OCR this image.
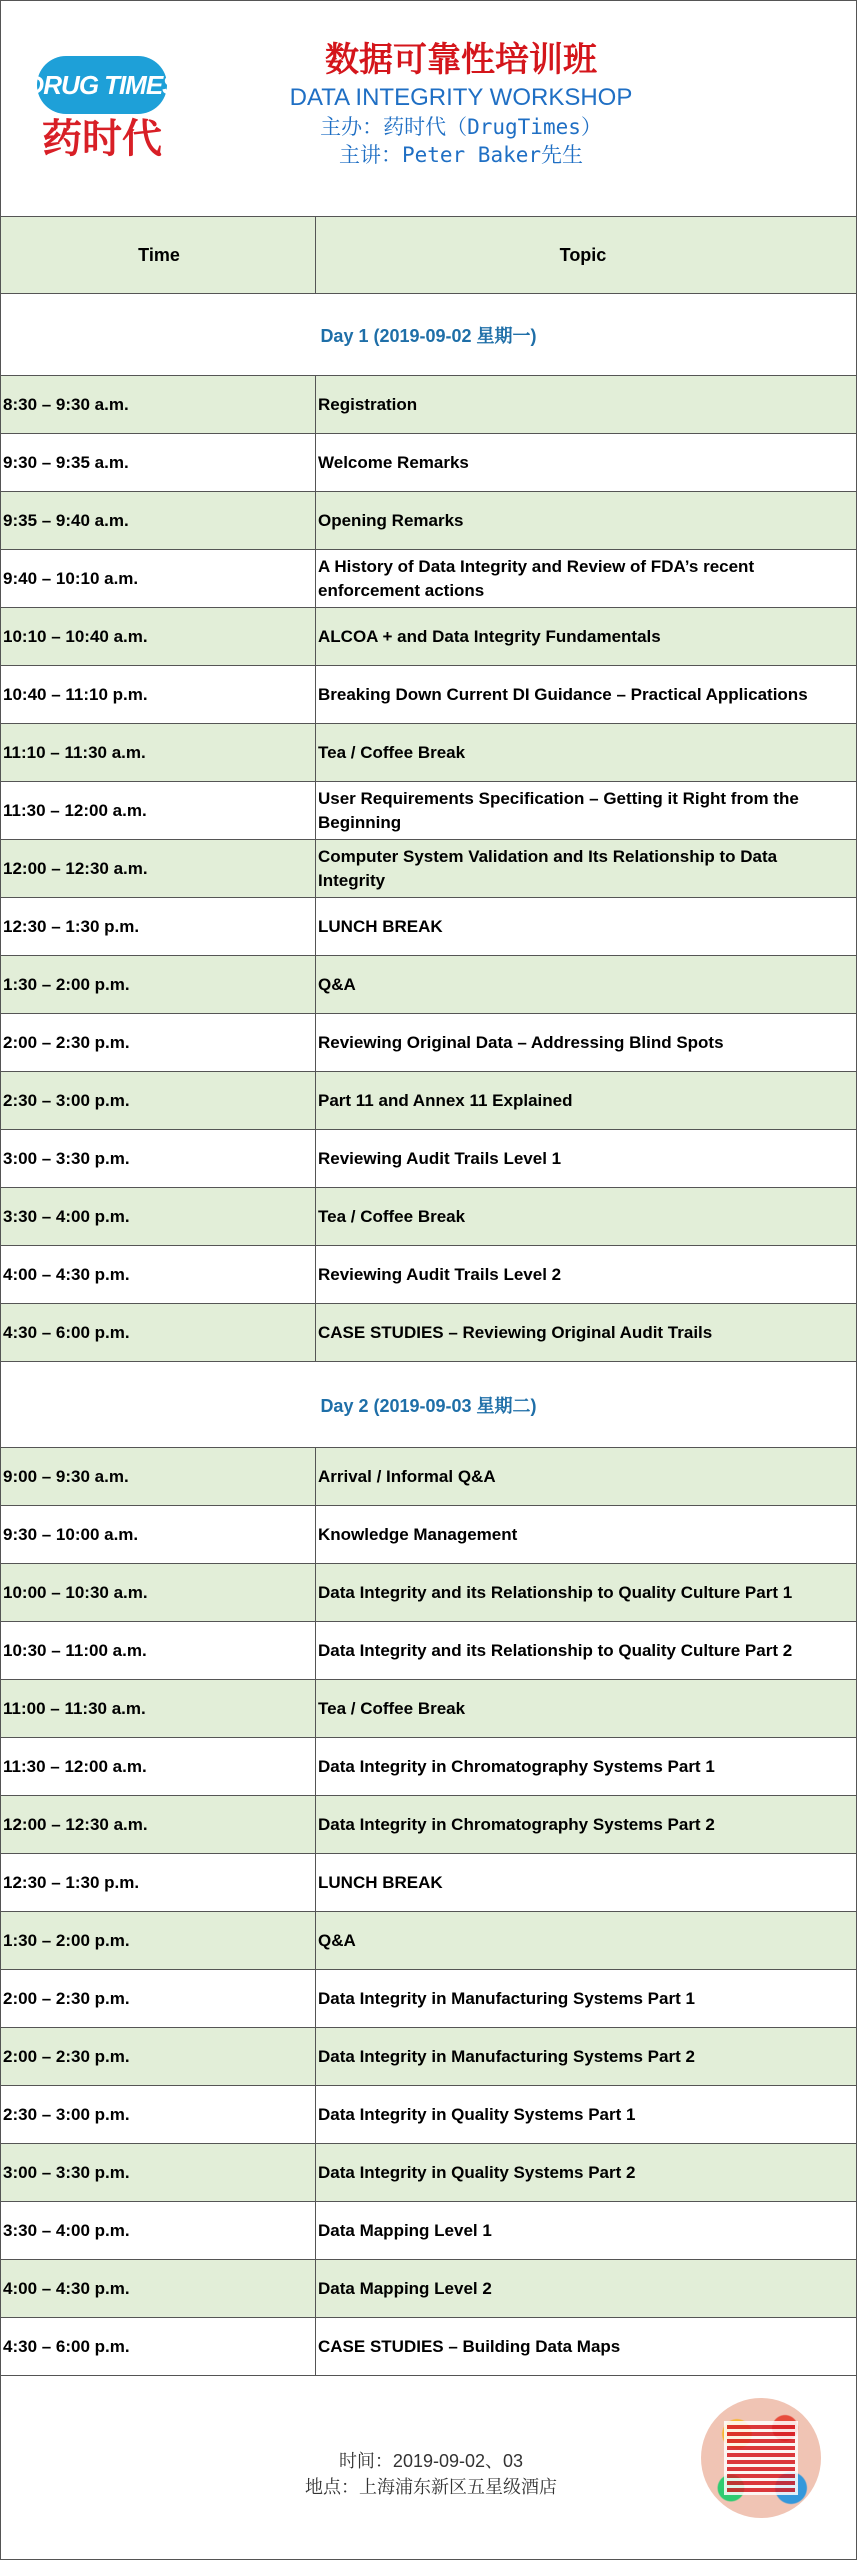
DRUG TIMES
药时代
数据可靠性培训班
DATA INTEGRITY WORKSHOP
主办：药时代（DrugTimes）
主讲：Peter Baker先生
Time	Topic
Day 1 (2019-09-02 星期一)
8:30 – 9:30 a.m.	Registration
9:30 – 9:35 a.m.	Welcome Remarks
9:35 – 9:40 a.m.	Opening Remarks
9:40 – 10:10 a.m.
A History of Data Integrity and Review of FDA’s recent enforcement actions
10:10 – 10:40 a.m.	ALCOA + and Data Integrity Fundamentals
10:40 – 11:10 p.m.	Breaking Down Current DI Guidance – Practical Applications
11:10 – 11:30 a.m.	Tea / Coffee Break
11:30 – 12:00 a.m.
User Requirements Specification – Getting it Right from the Beginning
12:00 – 12:30 a.m.
Computer System Validation and Its Relationship to Data Integrity
12:30 – 1:30 p.m.	LUNCH BREAK
1:30 – 2:00 p.m.	Q&A
2:00 – 2:30 p.m.	Reviewing Original Data – Addressing Blind Spots
2:30 – 3:00 p.m.	Part 11 and Annex 11 Explained
3:00 – 3:30 p.m.	Reviewing Audit Trails Level 1
3:30 – 4:00 p.m.	Tea / Coffee Break
4:00 – 4:30 p.m.	Reviewing Audit Trails Level 2
4:30 – 6:00 p.m.	CASE STUDIES – Reviewing Original Audit Trails
Day 2 (2019-09-03 星期二)
9:00 – 9:30 a.m.	Arrival / Informal Q&A
9:30 – 10:00 a.m.	Knowledge Management
10:00 – 10:30 a.m.	Data Integrity and its Relationship to Quality Culture Part 1
10:30 – 11:00 a.m.	Data Integrity and its Relationship to Quality Culture Part 2
11:00 – 11:30 a.m.	Tea / Coffee Break
11:30 – 12:00 a.m.	Data Integrity in Chromatography Systems Part 1
12:00 – 12:30 a.m.	Data Integrity in Chromatography Systems Part 2
12:30 – 1:30 p.m.	LUNCH BREAK
1:30 – 2:00 p.m.	Q&A
2:00 – 2:30 p.m.	Data Integrity in Manufacturing Systems Part 1
2:00 – 2:30 p.m.	Data Integrity in Manufacturing Systems Part 2
2:30 – 3:00 p.m.	Data Integrity in Quality Systems Part 1
3:00 – 3:30 p.m.	Data Integrity in Quality Systems Part 2
3:30 – 4:00 p.m.	Data Mapping Level 1
4:00 – 4:30 p.m.	Data Mapping Level 2
4:30 – 6:00 p.m.	CASE STUDIES – Building Data Maps
时间：2019-09-02、03
地点：上海浦东新区五星级酒店
